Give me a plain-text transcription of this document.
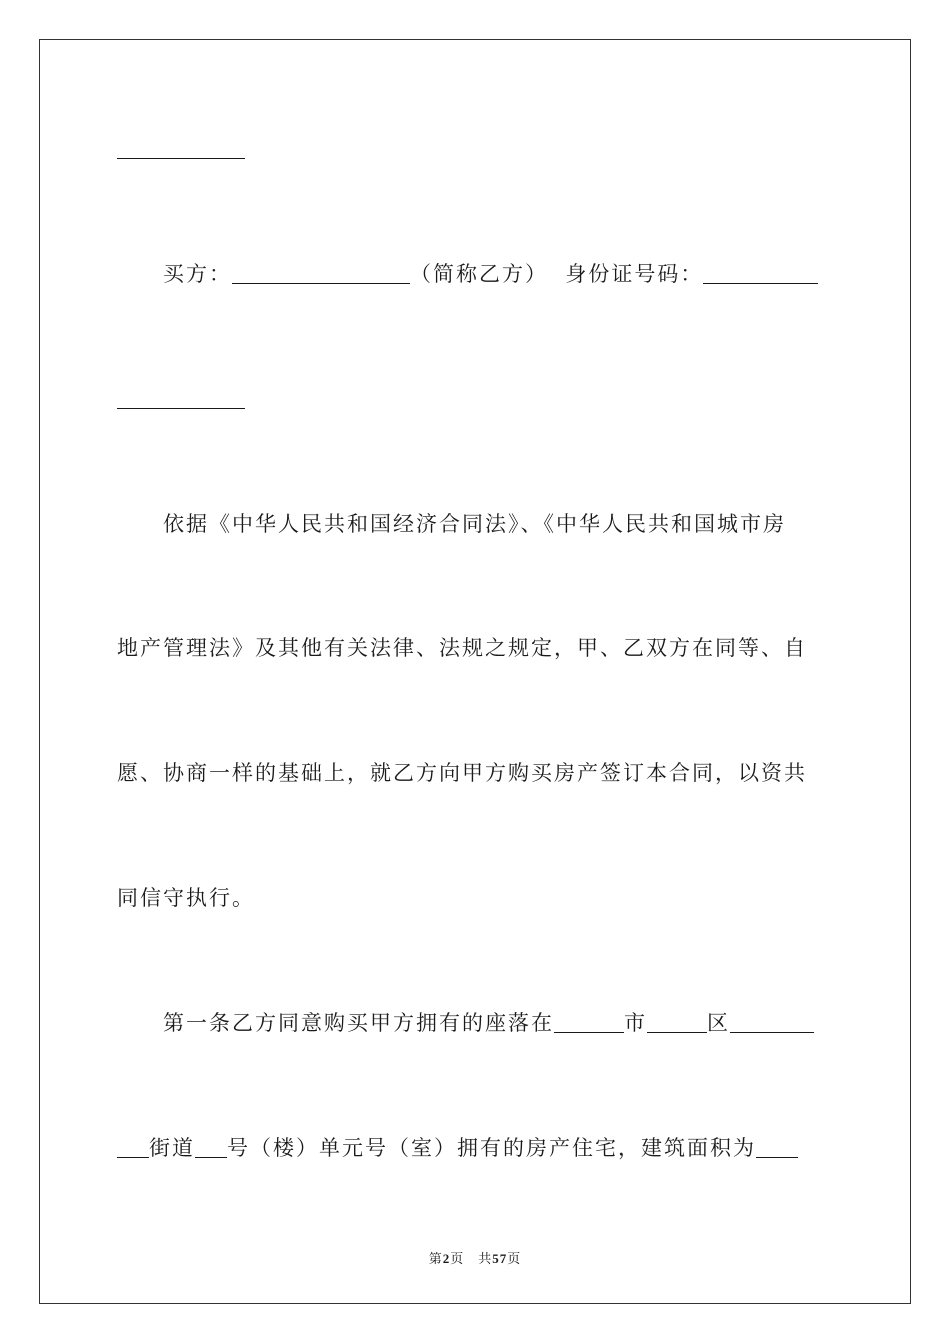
买方：	（简称乙方） 身份证号码：
依据《中华人民共和国经济合同法》、《中华人民共和国城市房
地产管理法》及其他有关法律、法规之规定，甲、乙双方在同等、自
愿、协商一样的基础上，就乙方向甲方购买房产签订本合同，以资共
同信守执行。
第一条乙方同意购买甲方拥有的座落在	市	区
街道 号（楼）单元号（室）拥有的房产住宅，建筑面积为
第2页　共57页
